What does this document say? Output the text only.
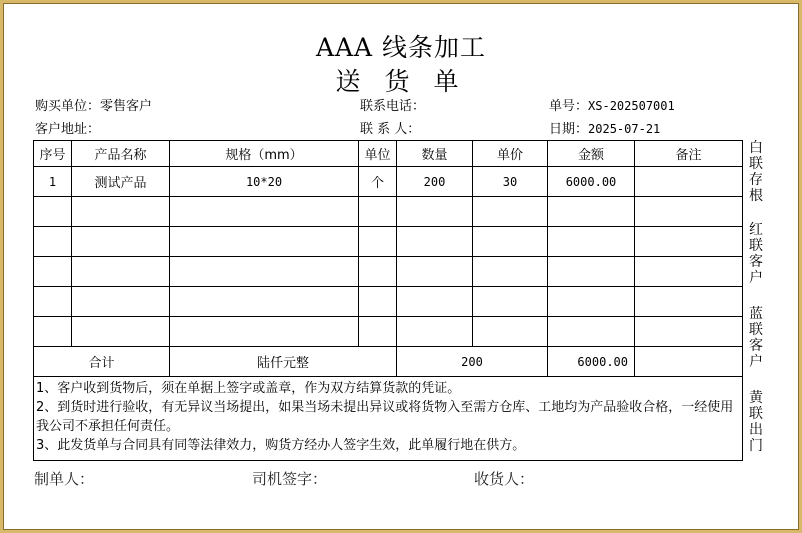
AAA 线条加工
送 货 单
购买单位：零售客户
客户地址：
联系电话：
联 系 人：
单号：XS-202507001
日期：2025-07-21
序号	产品名称	规格（mm）	单位	数量	单价	金额	备注
1	测试产品	10*20	个	200	30	6000.00	

合计		陆仟元整		200		6000.00	

1、客户收到货物后，须在单据上签字或盖章，作为双方结算货款的凭证。
2、到货时进行验收，有无异议当场提出，如果当场未提出异议或将货物入至需方仓库、工地均为产品验收合格，一经使用我公司不承担任何责任。
3、此发货单与合同具有同等法律效力，购货方经办人签字生效，此单履行地在供方。							
白联存根
红联客户
蓝联客户
黄联出门
制单人：	司机签字：	收货人：
